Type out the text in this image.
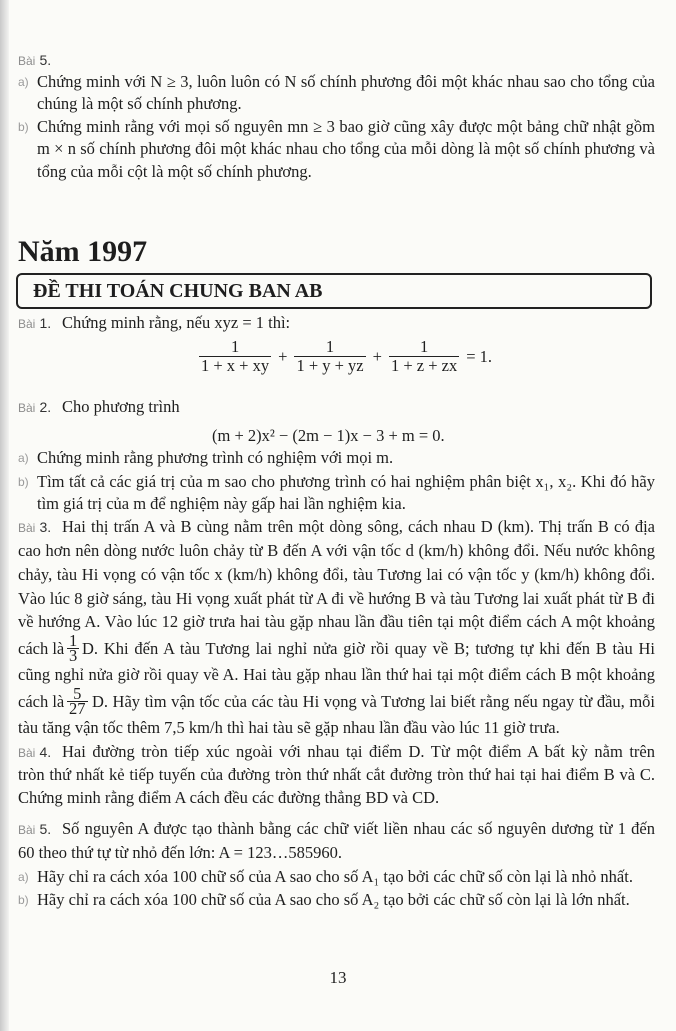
Bài 5.
a) Chứng minh với N ≥ 3, luôn luôn có N số chính phương đôi một khác nhau sao cho tổng của
chúng là một số chính phương.
b) Chứng minh rằng với mọi số nguyên mn ≥ 3 bao giờ cũng xây được một bảng chữ nhật gồm
m × n số chính phương đôi một khác nhau cho tổng của mỗi dòng là một số chính phương và
tổng của mỗi cột là một số chính phương.
Năm 1997
ĐỀ THI TOÁN CHUNG BAN AB
Bài 1. Chứng minh rằng, nếu xyz = 1 thì:
$\frac{1}{1 + x + xy} + \frac{1}{1 + y + yz} + \frac{1}{1 + z + zx} = 1$.
Bài 2. Cho phương trình
(m + 2)x² − (2m − 1)x − 3 + m = 0.
a) Chứng minh rằng phương trình có nghiệm với mọi m.
b) Tìm tất cả các giá trị của m sao cho phương trình có hai nghiệm phân biệt x₁, x₂. Khi đó hãy
tìm giá trị của m để nghiệm này gấp hai lần nghiệm kia.
Bài 3. Hai thị trấn A và B cùng nằm trên một dòng sông, cách nhau D (km). Thị trấn B có địa
cao hơn nên dòng nước luôn chảy từ B đến A với vận tốc d (km/h) không đổi. Nếu nước không
chảy, tàu Hi vọng có vận tốc x (km/h) không đổi, tàu Tương lai có vận tốc y (km/h) không đổi.
Vào lúc 8 giờ sáng, tàu Hi vọng xuất phát từ A đi về hướng B và tàu Tương lai xuất phát từ B đi
về hướng A. Vào lúc 12 giờ trưa hai tàu gặp nhau lần đầu tiên tại một điểm cách A một khoảng
cách là $\frac{1}{3} D$. Khi đến A tàu Tương lai nghỉ nửa giờ rồi quay về B; tương tự khi đến B tàu Hi
cũng nghỉ nửa giờ rồi quay về A. Hai tàu gặp nhau lần thứ hai tại một điểm cách B một khoảng
cách là $\frac{5}{27} D$. Hãy tìm vận tốc của các tàu Hi vọng và Tương lai biết rằng nếu ngay từ đầu, mỗi
tàu tăng vận tốc thêm 7,5 km/h thì hai tàu sẽ gặp nhau lần đầu vào lúc 11 giờ trưa.
Bài 4. Hai đường tròn tiếp xúc ngoài với nhau tại điểm D. Từ một điểm A bất kỳ nằm trên
tròn thứ nhất kẻ tiếp tuyến của đường tròn thứ nhất cắt đường tròn thứ hai tại hai điểm B và C.
Chứng minh rằng điểm A cách đều các đường thẳng BD và CD.
Bài 5. Số nguyên A được tạo thành bằng các chữ viết liền nhau các số nguyên dương từ 1 đến
60 theo thứ tự từ nhỏ đến lớn: A = 123…585960.
a) Hãy chỉ ra cách xóa 100 chữ số của A sao cho số A₁ tạo bởi các chữ số còn lại là nhỏ nhất.
b) Hãy chỉ ra cách xóa 100 chữ số của A sao cho số A₂ tạo bởi các chữ số còn lại là lớn nhất.
13
